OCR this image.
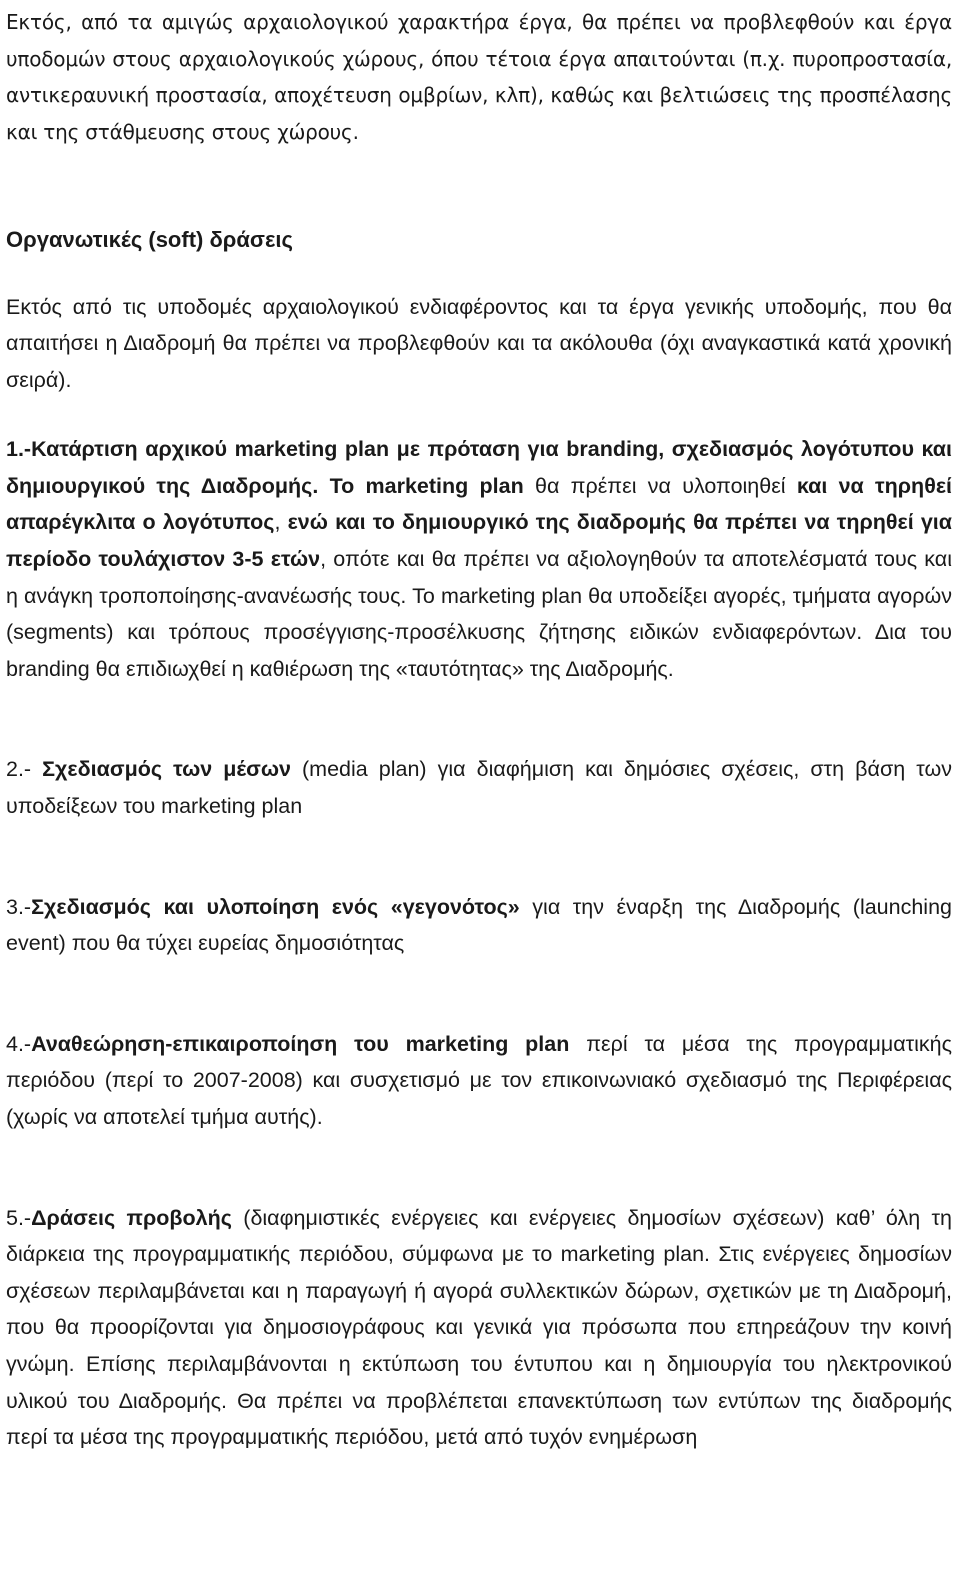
Εκτός, από τα αμιγώς αρχαιολογικού χαρακτήρα έργα, θα πρέπει να προβλεφθούν και έργα υποδομών στους αρχαιολογικούς χώρους, όπου τέτοια έργα απαιτούνται (π.χ. πυροπροστασία, αντικεραυνική προστασία, αποχέτευση ομβρίων, κλπ), καθώς και βελτιώσεις της προσπέλασης και της στάθμευσης στους χώρους.

Οργανωτικές (soft) δράσεις

Εκτός από τις υποδομές αρχαιολογικού ενδιαφέροντος και τα έργα γενικής υποδομής, που θα απαιτήσει η Διαδρομή θα πρέπει να προβλεφθούν και τα ακόλουθα (όχι αναγκαστικά κατά χρονική σειρά).

1.-Κατάρτιση αρχικού marketing plan με πρόταση για branding, σχεδιασμός λογότυπου και δημιουργικού της Διαδρομής. Το marketing plan θα πρέπει να υλοποιηθεί και να τηρηθεί απαρέγκλιτα ο λογότυπος, ενώ και το δημιουργικό της διαδρομής θα πρέπει να τηρηθεί για περίοδο τουλάχιστον 3-5 ετών, οπότε και θα πρέπει να αξιολογηθούν τα αποτελέσματά τους και η ανάγκη τροποποίησης-ανανέωσής τους. Το marketing plan θα υποδείξει αγορές, τμήματα αγορών (segments) και τρόπους προσέγγισης-προσέλκυσης ζήτησης ειδικών ενδιαφερόντων. Δια του branding θα επιδιωχθεί η καθιέρωση της «ταυτότητας» της Διαδρομής.

2.- Σχεδιασμός των μέσων (media plan) για διαφήμιση και δημόσιες σχέσεις, στη βάση των υποδείξεων του marketing plan

3.-Σχεδιασμός και υλοποίηση ενός «γεγονότος» για την έναρξη της Διαδρομής (launching event) που θα τύχει ευρείας δημοσιότητας

4.-Αναθεώρηση-επικαιροποίηση του marketing plan περί τα μέσα της προγραμματικής περιόδου (περί το 2007-2008) και συσχετισμό με τον επικοινωνιακό σχεδιασμό της Περιφέρειας (χωρίς να αποτελεί τμήμα αυτής).

5.-Δράσεις προβολής (διαφημιστικές ενέργειες και ενέργειες δημοσίων σχέσεων) καθ’ όλη τη διάρκεια της προγραμματικής περιόδου, σύμφωνα με το marketing plan. Στις ενέργειες δημοσίων σχέσεων περιλαμβάνεται και η παραγωγή ή αγορά συλλεκτικών δώρων, σχετικών με τη Διαδρομή, που θα προορίζονται για δημοσιογράφους και γενικά για πρόσωπα που επηρεάζουν την κοινή γνώμη. Επίσης περιλαμβάνονται η εκτύπωση του έντυπου και η δημιουργία του ηλεκτρονικού υλικού του Διαδρομής. Θα πρέπει να προβλέπεται επανεκτύπωση των εντύπων της διαδρομής περί τα μέσα της προγραμματικής περιόδου, μετά από τυχόν ενημέρωση
